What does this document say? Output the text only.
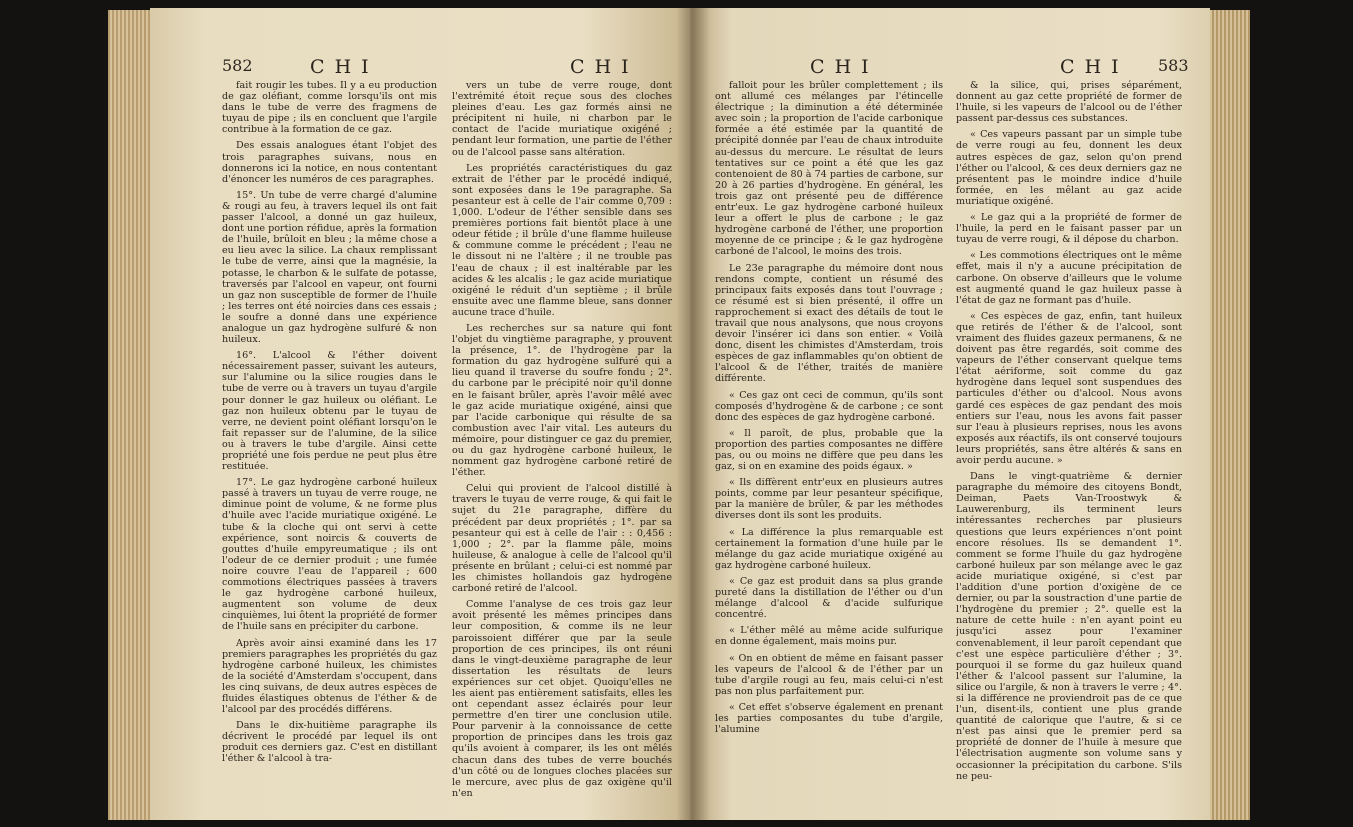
582	C H I	C H I

fait rougir les tubes. Il y a eu production de gaz oléfiant, comme lorsqu'ils ont mis dans le tube de verre des fragmens de tuyau de pipe ; ils en concluent que l'argile contribue à la formation de ce gaz.

Des essais analogues étant l'objet des trois paragraphes suivans, nous en donnerons ici la notice, en nous contentant d'énoncer les numéros de ces paragraphes.

15°. Un tube de verre chargé d'alumine & rougi au feu, à travers lequel ils ont fait passer l'alcool, a donné un gaz huileux, dont une portion réfidue, après la formation de l'huile, brûloit en bleu ; la même chose a eu lieu avec la silice. La chaux remplissant le tube de verre, ainsi que la magnésie, la potasse, le charbon & le sulfate de potasse, traversés par l'alcool en vapeur, ont fourni un gaz non susceptible de former de l'huile ; les terres ont été noircies dans ces essais ; le soufre a donné dans une expérience analogue un gaz hydrogène sulfuré & non huileux.

16°. L'alcool & l'éther doivent nécessairement passer, suivant les auteurs, sur l'alumine ou la silice rougies dans le tube de verre ou à travers un tuyau d'argile pour donner le gaz huileux ou oléfiant. Le gaz non huileux obtenu par le tuyau de verre, ne devient point oléfiant lorsqu'on le fait repasser sur de l'alumine, de la silice ou à travers le tube d'argile. Ainsi cette propriété une fois perdue ne peut plus être restituée.

17°. Le gaz hydrogène carboné huileux passé à travers un tuyau de verre rouge, ne diminue point de volume, & ne forme plus d'huile avec l'acide muriatique oxigéné. Le tube & la cloche qui ont servi à cette expérience, sont noircis & couverts de gouttes d'huile empyreumatique ; ils ont l'odeur de ce dernier produit ; une fumée noire couvre l'eau de l'appareil ; 600 commotions électriques passées à travers le gaz hydrogène carboné huileux, augmentent son volume de deux cinquièmes, lui ôtent la propriété de former de l'huile sans en précipiter du carbone.

Après avoir ainsi examiné dans les 17 premiers paragraphes les propriétés du gaz hydrogène carboné huileux, les chimistes de la société d'Amsterdam s'occupent, dans les cinq suivans, de deux autres espèces de fluides élastiques obtenus de l'éther & de l'alcool par des procédés différens.

Dans le dix-huitième paragraphe ils décrivent le procédé par lequel ils ont produit ces derniers gaz. C'est en distillant l'éther & l'alcool à tra-

vers un tube de verre rouge, dont l'extrémité étoit reçue sous des cloches pleines d'eau. Les gaz formés ainsi ne précipitent ni huile, ni charbon par le contact de l'acide muriatique oxigéné ; pendant leur formation, une partie de l'éther ou de l'alcool passe sans altération.

Les propriétés caractéristiques du gaz extrait de l'éther par le procédé indiqué, sont exposées dans le 19e paragraphe. Sa pesanteur est à celle de l'air comme 0,709 : 1,000. L'odeur de l'éther sensible dans ses premières portions fait bientôt place à une odeur fétide ; il brûle d'une flamme huileuse & commune comme le précédent ; l'eau ne le dissout ni ne l'altère ; il ne trouble pas l'eau de chaux ; il est inaltérable par les acides & les alcalis ; le gaz acide muriatique oxigéné le réduit d'un septième ; il brûle ensuite avec une flamme bleue, sans donner aucune trace d'huile.

Les recherches sur sa nature qui font l'objet du vingtième paragraphe, y prouvent la présence, 1°. de l'hydrogène par la formation du gaz hydrogène sulfuré qui a lieu quand il traverse du soufre fondu ; 2°. du carbone par le précipité noir qu'il donne en le faisant brûler, après l'avoir mêlé avec le gaz acide muriatique oxigéné, ainsi que par l'acide carbonique qui résulte de sa combustion avec l'air vital. Les auteurs du mémoire, pour distinguer ce gaz du premier, ou du gaz hydrogène carboné huileux, le nomment gaz hydrogène carboné retiré de l'éther.

Celui qui provient de l'alcool distillé à travers le tuyau de verre rouge, & qui fait le sujet du 21e paragraphe, diffère du précédent par deux propriétés ; 1°. par sa pesanteur qui est à celle de l'air : : 0,456 : 1,000 ; 2°. par la flamme pâle, moins huileuse, & analogue à celle de l'alcool qu'il présente en brûlant ; celui-ci est nommé par les chimistes hollandois gaz hydrogène carboné retiré de l'alcool.

Comme l'analyse de ces trois gaz leur avoit présenté les mêmes principes dans leur composition, & comme ils ne leur paroissoient différer que par la seule proportion de ces principes, ils ont réuni dans le vingt-deuxième paragraphe de leur dissertation les résultats de leurs expériences sur cet objet. Quoiqu'elles ne les aient pas entièrement satisfaits, elles les ont cependant assez éclairés pour leur permettre d'en tirer une conclusion utile. Pour parvenir à la connoissance de cette proportion de principes dans les trois gaz qu'ils avoient à comparer, ils les ont mêlés chacun dans des tubes de verre bouchés d'un côté ou de longues cloches placées sur le mercure, avec plus de gaz oxigène qu'il n'en

C H I	C H I 583

falloit pour les brûler complettement ; ils ont allumé ces mélanges par l'étincelle électrique ; la diminution a été déterminée avec soin ; la proportion de l'acide carbonique formée a été estimée par la quantité de précipité donnée par l'eau de chaux introduite au-dessus du mercure. Le résultat de leurs tentatives sur ce point a été que les gaz contenoient de 80 à 74 parties de carbone, sur 20 à 26 parties d'hydrogène. En général, les trois gaz ont présenté peu de différence entr'eux. Le gaz hydrogène carboné huileux leur a offert le plus de carbone ; le gaz hydrogène carboné de l'éther, une proportion moyenne de ce principe ; & le gaz hydrogène carboné de l'alcool, le moins des trois.

Le 23e paragraphe du mémoire dont nous rendons compte, contient un résumé des principaux faits exposés dans tout l'ouvrage ; ce résumé est si bien présenté, il offre un rapprochement si exact des détails de tout le travail que nous analysons, que nous croyons devoir l'insérer ici dans son entier. « Voilà donc, disent les chimistes d'Amsterdam, trois espèces de gaz inflammables qu'on obtient de l'alcool & de l'éther, traités de manière différente.

« Ces gaz ont ceci de commun, qu'ils sont composés d'hydrogène & de carbone ; ce sont donc des espèces de gaz hydrogène carboné.

« Il paroît, de plus, probable que la proportion des parties composantes ne diffère pas, ou ou moins ne diffère que peu dans les gaz, si on en examine des poids égaux. »

« Ils diffèrent entr'eux en plusieurs autres points, comme par leur pesanteur spécifique, par la manière de brûler, & par les méthodes diverses dont ils sont les produits.

« La différence la plus remarquable est certainement la formation d'une huile par le mélange du gaz acide muriatique oxigéné au gaz hydrogène carboné huileux.

« Ce gaz est produit dans sa plus grande pureté dans la distillation de l'éther ou d'un mélange d'alcool & d'acide sulfurique concentré.

« L'éther mêlé au même acide sulfurique en donne également, mais moins pur.

« On en obtient de même en faisant passer les vapeurs de l'alcool & de l'éther par un tube d'argile rougi au feu, mais celui-ci n'est pas non plus parfaitement pur.

« Cet effet s'observe également en prenant les parties composantes du tube d'argile, l'alumine

& la silice, qui, prises séparément, donnent au gaz cette propriété de former de l'huile, si les vapeurs de l'alcool ou de l'éther passent par-dessus ces substances.

« Ces vapeurs passant par un simple tube de verre rougi au feu, donnent les deux autres espèces de gaz, selon qu'on prend l'éther ou l'alcool, & ces deux derniers gaz ne présentent pas le moindre indice d'huile formée, en les mêlant au gaz acide muriatique oxigéné.

« Le gaz qui a la propriété de former de l'huile, la perd en le faisant passer par un tuyau de verre rougi, & il dépose du charbon.

« Les commotions électriques ont le même effet, mais il n'y a aucune précipitation de carbone. On observe d'ailleurs que le volume est augmenté quand le gaz huileux passe à l'état de gaz ne formant pas d'huile.

« Ces espèces de gaz, enfin, tant huileux que retirés de l'éther & de l'alcool, sont vraiment des fluides gazeux permanens, & ne doivent pas être regardés, soit comme des vapeurs de l'éther conservant quelque tems l'état aériforme, soit comme du gaz hydrogène dans lequel sont suspendues des particules d'éther ou d'alcool. Nous avons gardé ces espèces de gaz pendant des mois entiers sur l'eau, nous les avons fait passer sur l'eau à plusieurs reprises, nous les avons exposés aux réactifs, ils ont conservé toujours leurs propriétés, sans être altérés & sans en avoir perdu aucune. »

Dans le vingt-quatrième & dernier paragraphe du mémoire des citoyens Bondt, Deiman, Paets Van-Troostwyk & Lauwerenburg, ils terminent leurs intéressantes recherches par plusieurs questions que leurs expériences n'ont point encore résolues. Ils se demandent 1°. comment se forme l'huile du gaz hydrogène carboné huileux par son mélange avec le gaz acide muriatique oxigéné, si c'est par l'addition d'une portion d'oxigène de ce dernier, ou par la soustraction d'une partie de l'hydrogène du premier ; 2°. quelle est la nature de cette huile : n'en ayant point eu jusqu'ici assez pour l'examiner convenablement, il leur paroît cependant que c'est une espèce particulière d'éther ; 3°. pourquoi il se forme du gaz huileux quand l'éther & l'alcool passent sur l'alumine, la silice ou l'argile, & non à travers le verre ; 4°. si la différence ne proviendroit pas de ce que l'un, disent-ils, contient une plus grande quantité de calorique que l'autre, & si ce n'est pas ainsi que le premier perd sa propriété de donner de l'huile à mesure que l'électrisation augmente son volume sans y occasionner la précipitation du carbone. S'ils ne peu-
